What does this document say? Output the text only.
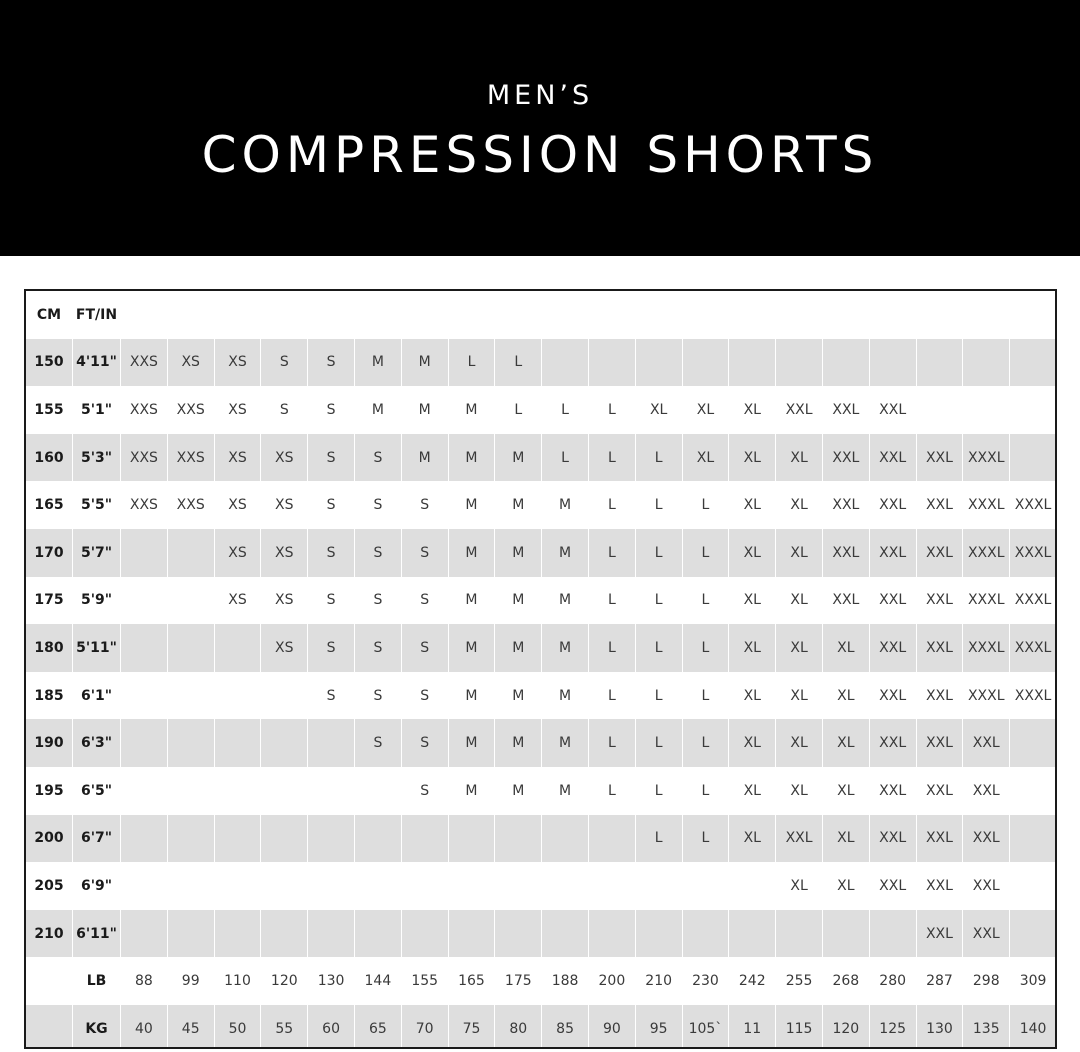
MEN’S
COMPRESSION SHORTS
CM	FT/IN																				
150	4'11"	XXS	XS	XS	S	S	M	M	L	L											
155	5'1"	XXS	XXS	XS	S	S	M	M	M	L	L	L	XL	XL	XL	XXL	XXL	XXL			
160	5'3"	XXS	XXS	XS	XS	S	S	M	M	M	L	L	L	XL	XL	XL	XXL	XXL	XXL	XXXL	
165	5'5"	XXS	XXS	XS	XS	S	S	S	M	M	M	L	L	L	XL	XL	XXL	XXL	XXL	XXXL	XXXL
170	5'7"			XS	XS	S	S	S	M	M	M	L	L	L	XL	XL	XXL	XXL	XXL	XXXL	XXXL
175	5'9"			XS	XS	S	S	S	M	M	M	L	L	L	XL	XL	XXL	XXL	XXL	XXXL	XXXL
180	5'11"				XS	S	S	S	M	M	M	L	L	L	XL	XL	XL	XXL	XXL	XXXL	XXXL
185	6'1"					S	S	S	M	M	M	L	L	L	XL	XL	XL	XXL	XXL	XXXL	XXXL
190	6'3"						S	S	M	M	M	L	L	L	XL	XL	XL	XXL	XXL	XXL	
195	6'5"							S	M	M	M	L	L	L	XL	XL	XL	XXL	XXL	XXL	
200	6'7"												L	L	XL	XXL	XL	XXL	XXL	XXL	
205	6'9"															XL	XL	XXL	XXL	XXL	
210	6'11"																		XXL	XXL	
	LB	88	99	110	120	130	144	155	165	175	188	200	210	230	242	255	268	280	287	298	309
	KG	40	45	50	55	60	65	70	75	80	85	90	95	105`	11	115	120	125	130	135	140
